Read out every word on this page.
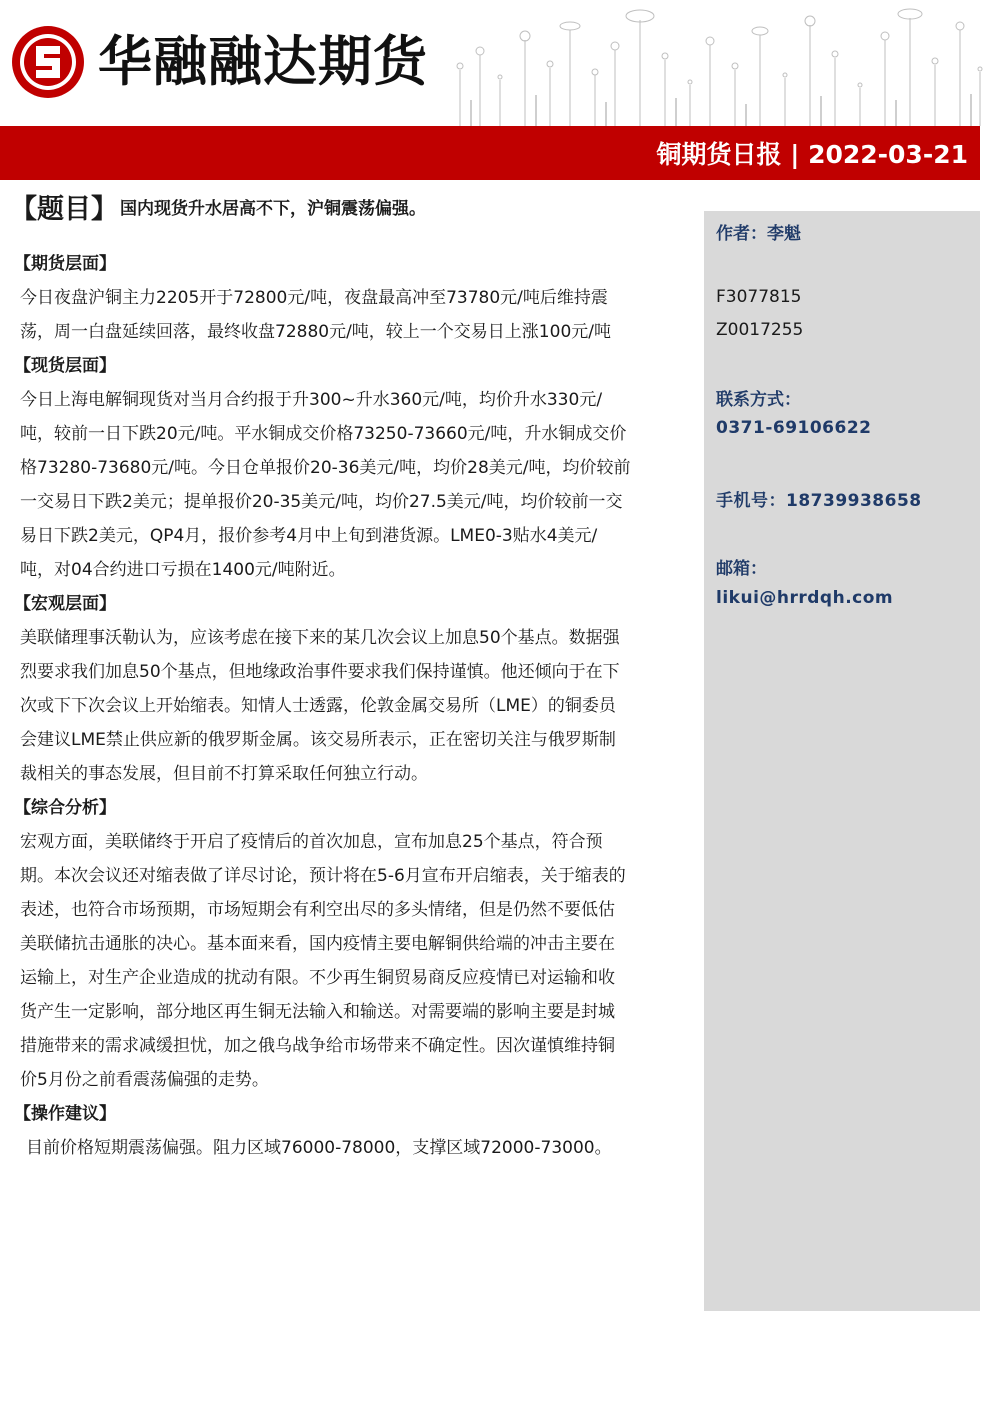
华融融达期货
铜期货日报 | 2022-03-21
【题目】 国内现货升水居高不下，沪铜震荡偏强。
【期货层面】

今日夜盘沪铜主力2205开于72800元/吨，夜盘最高冲至73780元/吨后维持震

荡，周一白盘延续回落，最终收盘72880元/吨，较上一个交易日上涨100元/吨

【现货层面】

今日上海电解铜现货对当月合约报于升300~升水360元/吨，均价升水330元/

吨，较前一日下跌20元/吨。平水铜成交价格73250-73660元/吨，升水铜成交价

格73280-73680元/吨。今日仓单报价20-36美元/吨，均价28美元/吨，均价较前

一交易日下跌2美元；提单报价20-35美元/吨，均价27.5美元/吨，均价较前一交

易日下跌2美元，QP4月，报价参考4月中上旬到港货源。LME0-3贴水4美元/

吨，对04合约进口亏损在1400元/吨附近。

【宏观层面】

美联储理事沃勒认为，应该考虑在接下来的某几次会议上加息50个基点。数据强

烈要求我们加息50个基点，但地缘政治事件要求我们保持谨慎。他还倾向于在下

次或下下次会议上开始缩表。知情人士透露，伦敦金属交易所（LME）的铜委员

会建议LME禁止供应新的俄罗斯金属。该交易所表示，正在密切关注与俄罗斯制

裁相关的事态发展，但目前不打算采取任何独立行动。

【综合分析】

宏观方面，美联储终于开启了疫情后的首次加息，宣布加息25个基点，符合预

期。本次会议还对缩表做了详尽讨论，预计将在5-6月宣布开启缩表，关于缩表的

表述，也符合市场预期，市场短期会有利空出尽的多头情绪，但是仍然不要低估

美联储抗击通胀的决心。基本面来看，国内疫情主要电解铜供给端的冲击主要在

运输上，对生产企业造成的扰动有限。不少再生铜贸易商反应疫情已对运输和收

货产生一定影响，部分地区再生铜无法输入和输送。对需要端的影响主要是封城

措施带来的需求减缓担忧，加之俄乌战争给市场带来不确定性。因次谨慎维持铜

价5月份之前看震荡偏强的走势。

【操作建议】

目前价格短期震荡偏强。阻力区域76000-78000，支撑区域72000-73000。

作者：李魁
F3077815
Z0017255
联系方式：
0371-69106622
手机号：18739938658
邮箱：
likui@hrrdqh.com
